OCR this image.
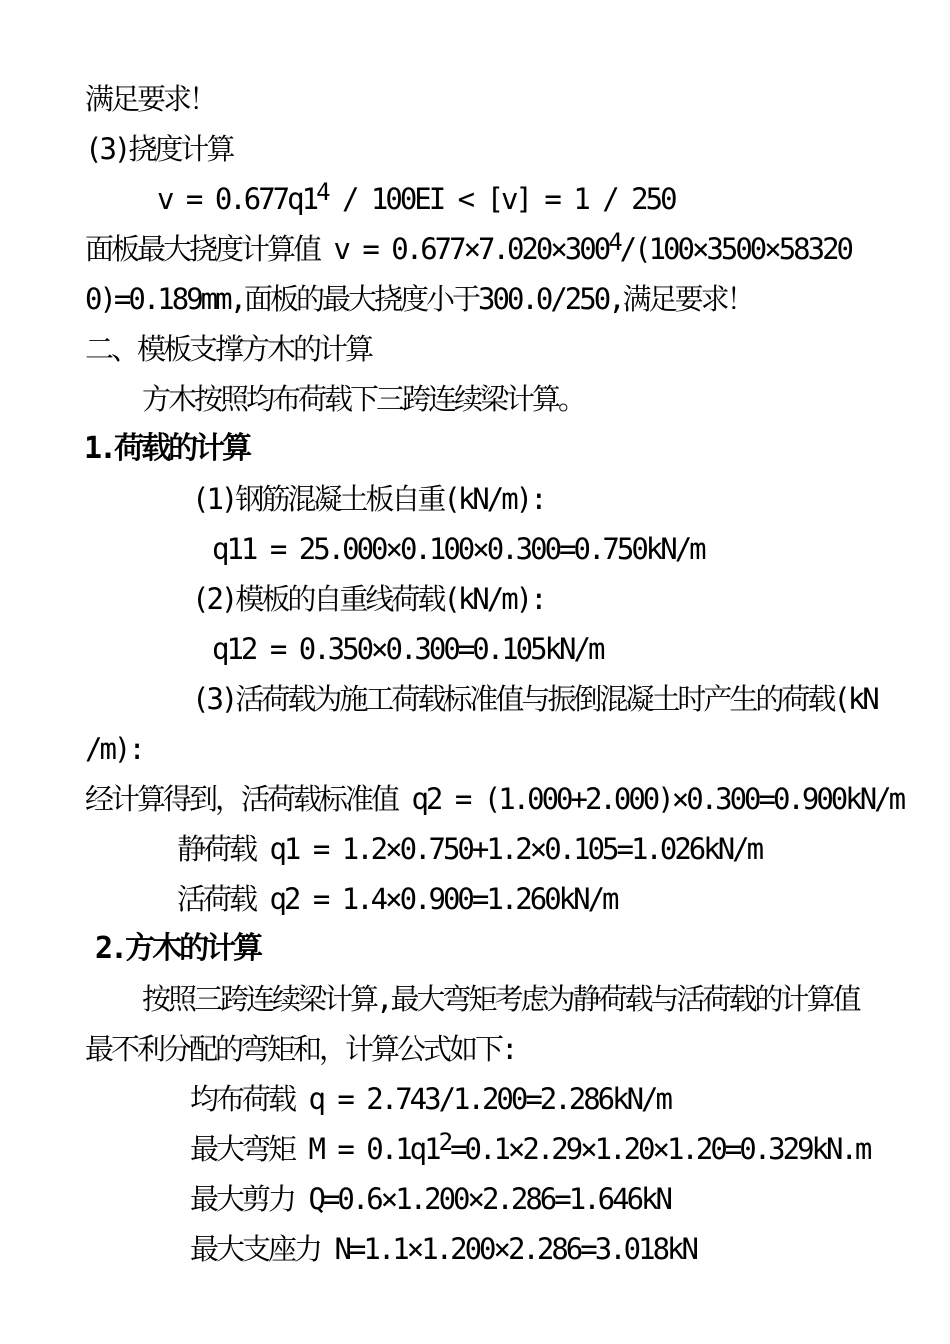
满足要求！

(3)挠度计算

$v = 0.677q1^4 / 100EI < [v] = 1 / 250$

面板最大挠度计算值 $v = 0.677\times 7.020\times 300^4/(100\times 3500\times 58320$

0)=0.189mm,面板的最大挠度小于300.0/250,满足要求！

二、模板支撑方木的计算

方木按照均布荷载下三跨连续梁计算。

1.荷载的计算

(1)钢筋混凝土板自重(kN/m):

q11 = 25.000×0.100×0.300=0.750kN/m

(2)模板的自重线荷载(kN/m):

q12 = 0.350×0.300=0.105kN/m

(3)活荷载为施工荷载标准值与振倒混凝土时产生的荷载(kN

/m):

经计算得到，活荷载标准值 q2 = (1.000+2.000)×0.300=0.900kN/m

静荷载 q1 = 1.2×0.750+1.2×0.105=1.026kN/m

活荷载 q2 = 1.4×0.900=1.260kN/m

2.方木的计算

按照三跨连续梁计算,最大弯矩考虑为静荷载与活荷载的计算值

最不利分配的弯矩和，计算公式如下:

均布荷载 q = 2.743/1.200=2.286kN/m

最大弯矩 $M = 0.1q1^2=0.1\times 2.29\times 1.20\times 1.20=0.329kN.m$

最大剪力 Q=0.6×1.200×2.286=1.646kN

最大支座力 N=1.1×1.200×2.286=3.018kN
